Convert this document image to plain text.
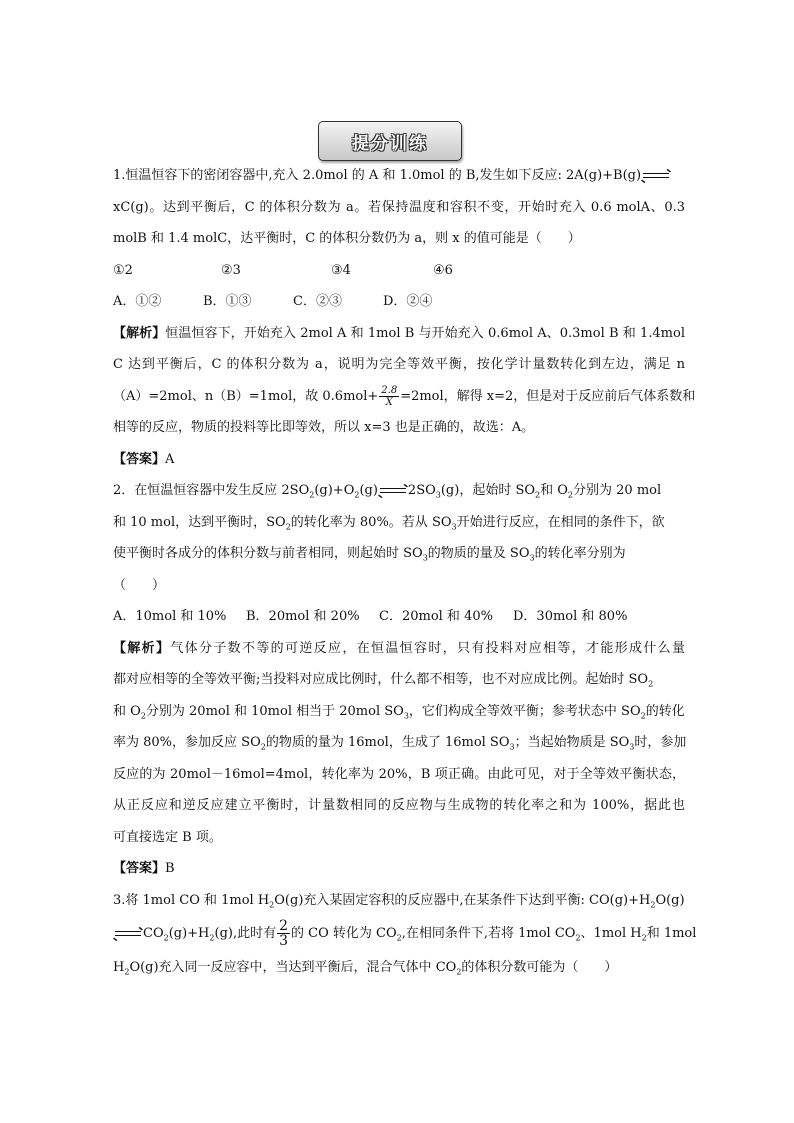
提分训练
1.恒温恒容下的密闭容器中,充入 2.0mol 的 A 和 1.0mol 的 B,发生如下反应: 2A(g)+B(g) →
xC(g)。达到平衡后，C 的体积分数为 a。若保持温度和容积不变，开始时充入 0.6 molA、0.3
molB 和 1.4 molC，达平衡时，C 的体积分数仍为 a，则 x 的值可能是（　　）
①2	②3	③4	④6
A．①②	B．①③	C．②③	D．②④
【解析】恒温恒容下，开始充入 2mol A 和 1mol B 与开始充入 0.6mol A、0.3mol B 和 1.4mol
C 达到平衡后，C 的体积分数为 a，说明为完全等效平衡，按化学计量数转化到左边，满足 n
（A）=2mol、n（B）=1mol，故 $0.6mol+ \frac{2.8}{X} =2mol$，解得 x=2，但是对于反应前后气体系数和
相等的反应，物质的投料等比即等效，所以 x=3 也是正确的，故选：A。
【答案】A
2．在恒温恒容器中发生反应 $2SO_2(g)+O_2(g) \to 2SO_3(g)$，起始时 $SO_2$和 $O_2$分别为 20 mol
和 10 mol，达到平衡时，$SO_2$的转化率为 80%。若从 $SO_3$开始进行反应，在相同的条件下，欲
使平衡时各成分的体积分数与前者相同，则起始时 $SO_3$的物质的量及 $SO_3$的转化率分别为
（　　）
A．10mol 和 10% B．20mol 和 20% C．20mol 和 40% D．30mol 和 80%
【解析】气体分子数不等的可逆反应，在恒温恒容时，只有投料对应相等，才能形成什么量
都对应相等的全等效平衡;当投料对应成比例时，什么都不相等，也不对应成比例。起始时 $SO_2$
和 $O_2$分别为 20mol 和 10mol 相当于 20mol $SO_3$，它们构成全等效平衡；参考状态中 $SO_2$的转化
率为 80%，参加反应 $SO_2$的物质的量为 16mol，生成了 16mol $SO_3$；当起始物质是 $SO_3$时，参加
反应的为 20mol－16mol=4mol，转化率为 20%，B 项正确。由此可见，对于全等效平衡状态，
从正反应和逆反应建立平衡时，计量数相同的反应物与生成物的转化率之和为 100%，据此也
可直接选定 B 项。
【答案】B
3.将 1mol CO 和 1mol $H_2O(g)$充入某固定容积的反应器中,在某条件下达到平衡: $CO(g)+H_2O(g)$
→ $CO_2(g)+H_2(g)$,此时有 $\frac{2}{3}$ 的 CO 转化为 $CO_2$,在相同条件下,若将 1mol $CO_2$、1mol $H_2$和 1mol
$H_2O(g)$充入同一反应容中，当达到平衡后，混合气体中 $CO_2$的体积分数可能为（　　）
